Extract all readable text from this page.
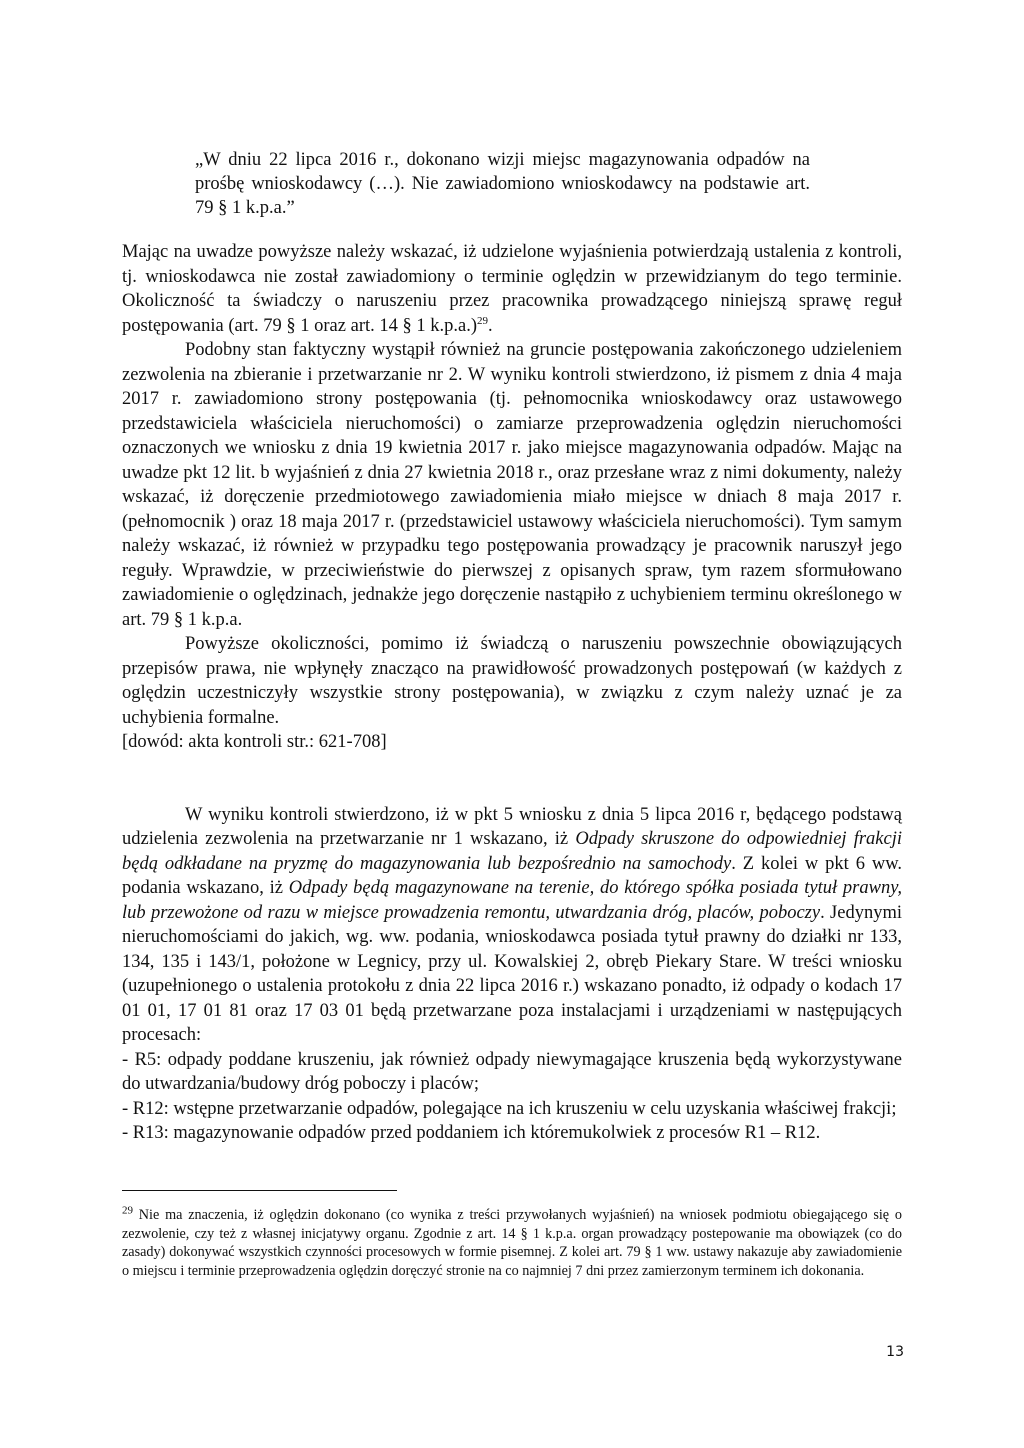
„W dniu 22 lipca 2016 r., dokonano wizji miejsc magazynowania odpadów na prośbę wnioskodawcy (…). Nie zawiadomiono wnioskodawcy na podstawie art. 79 § 1 k.p.a.”

Mając na uwadze powyższe należy wskazać, iż udzielone wyjaśnienia potwierdzają ustalenia z kontroli, tj. wnioskodawca nie został zawiadomiony o terminie oględzin w przewidzianym do tego terminie. Okoliczność ta świadczy o naruszeniu przez pracownika prowadzącego niniejszą sprawę reguł postępowania (art. 79 § 1 oraz art. 14 § 1 k.p.a.)$^{29}$.

Podobny stan faktyczny wystąpił również na gruncie postępowania zakończonego udzieleniem zezwolenia na zbieranie i przetwarzanie nr 2. W wyniku kontroli stwierdzono, iż pismem z dnia 4 maja 2017 r. zawiadomiono strony postępowania (tj. pełnomocnika wnioskodawcy oraz ustawowego przedstawiciela właściciela nieruchomości) o zamiarze przeprowadzenia oględzin nieruchomości oznaczonych we wniosku z dnia 19 kwietnia 2017 r. jako miejsce magazynowania odpadów. Mając na uwadze pkt 12 lit. b wyjaśnień z dnia 27 kwietnia 2018 r., oraz przesłane wraz z nimi dokumenty, należy wskazać, iż doręczenie przedmiotowego zawiadomienia miało miejsce w dniach 8 maja 2017 r. (pełnomocnik ) oraz 18 maja 2017 r. (przedstawiciel ustawowy właściciela nieruchomości). Tym samym należy wskazać, iż również w przypadku tego postępowania prowadzący je pracownik naruszył jego reguły. Wprawdzie, w przeciwieństwie do pierwszej z opisanych spraw, tym razem sformułowano zawiadomienie o oględzinach, jednakże jego doręczenie nastąpiło z uchybieniem terminu określonego w art. 79 § 1 k.p.a.

Powyższe okoliczności, pomimo iż świadczą o naruszeniu powszechnie obowiązujących przepisów prawa, nie wpłynęły znacząco na prawidłowość prowadzonych postępowań (w każdych z oględzin uczestniczyły wszystkie strony postępowania), w związku z czym należy uznać je za uchybienia formalne.

[dowód: akta kontroli str.: 621-708]

W wyniku kontroli stwierdzono, iż w pkt 5 wniosku z dnia 5 lipca 2016 r, będącego podstawą udzielenia zezwolenia na przetwarzanie nr 1 wskazano, iż Odpady skruszone do odpowiedniej frakcji będą odkładane na pryzmę do magazynowania lub bezpośrednio na samochody. Z kolei w pkt 6 ww. podania wskazano, iż Odpady będą magazynowane na terenie, do którego spółka posiada tytuł prawny, lub przewożone od razu w miejsce prowadzenia remontu, utwardzania dróg, placów, poboczy. Jedynymi nieruchomościami do jakich, wg. ww. podania, wnioskodawca posiada tytuł prawny do działki nr 133, 134, 135 i 143/1, położone w Legnicy, przy ul. Kowalskiej 2, obręb Piekary Stare. W treści wniosku (uzupełnionego o ustalenia protokołu z dnia 22 lipca 2016 r.) wskazano ponadto, iż odpady o kodach 17 01 01, 17 01 81 oraz 17 03 01 będą przetwarzane poza instalacjami i urządzeniami w następujących procesach:

- R5: odpady poddane kruszeniu, jak również odpady niewymagające kruszenia będą wykorzystywane do utwardzania/budowy dróg poboczy i placów;

- R12: wstępne przetwarzanie odpadów, polegające na ich kruszeniu w celu uzyskania właściwej frakcji;

- R13: magazynowanie odpadów przed poddaniem ich któremukolwiek z procesów R1 – R12.

$^{29}$ Nie ma znaczenia, iż oględzin dokonano (co wynika z treści przywołanych wyjaśnień) na wniosek podmiotu obiegającego się o zezwolenie, czy też z własnej inicjatywy organu. Zgodnie z art. 14 § 1 k.p.a. organ prowadzący postepowanie ma obowiązek (co do zasady) dokonywać wszystkich czynności procesowych w formie pisemnej. Z kolei art. 79 § 1 ww. ustawy nakazuje aby zawiadomienie o miejscu i terminie przeprowadzenia oględzin doręczyć stronie na co najmniej 7 dni przez zamierzonym terminem ich dokonania.

13
